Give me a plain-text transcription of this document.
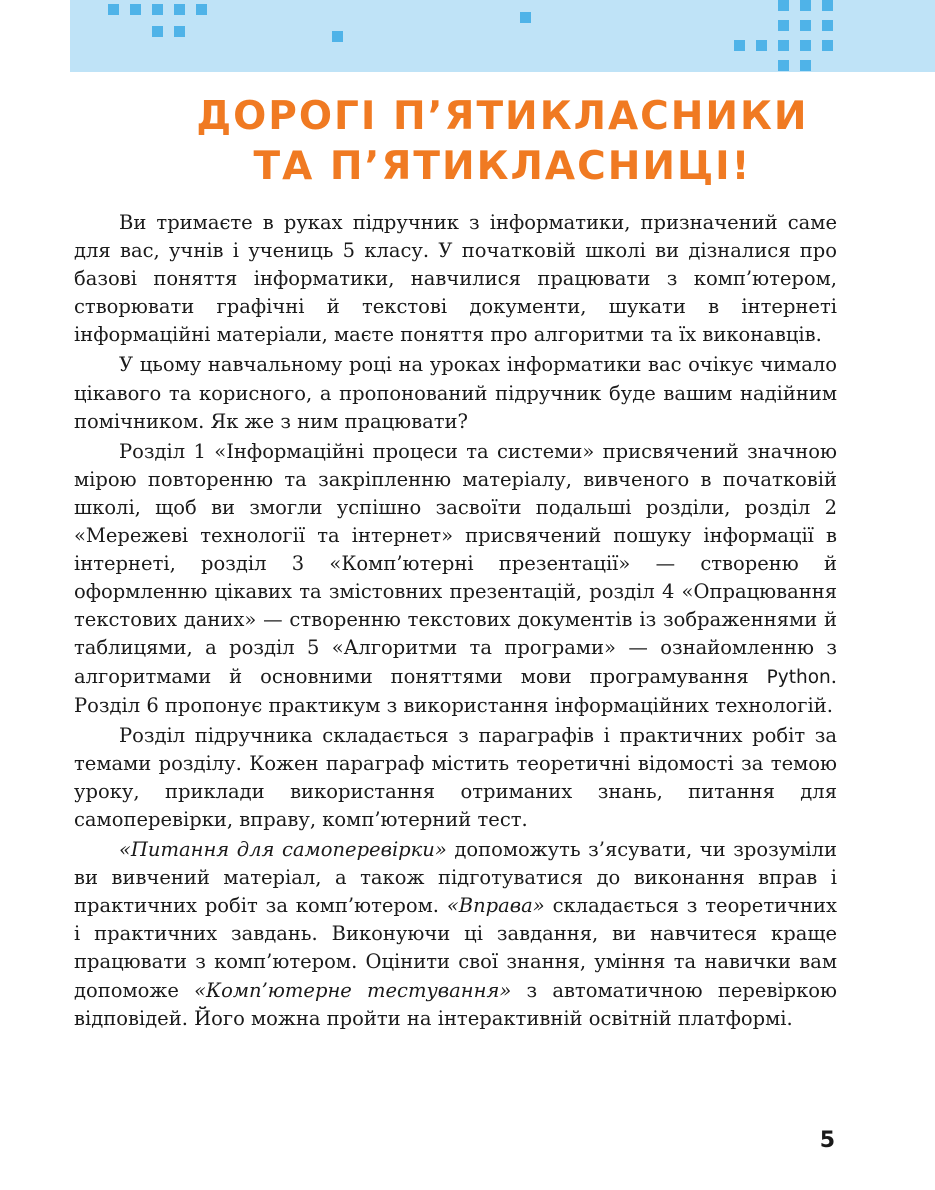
ДОРОГІ П’ЯТИКЛАСНИКИ
ТА П’ЯТИКЛАСНИЦІ!

Ви тримаєте в руках підручник з інформатики, призначений саме для вас, учнів і учениць 5 класу. У початковій школі ви дізналися про базові поняття інформатики, навчилися працювати з комп’ютером, створювати графічні й текстові документи, шукати в інтернеті інформаційні матеріали, маєте поняття про алгоритми та їх виконавців.

У цьому навчальному році на уроках інформатики вас очікує чимало цікавого та корисного, а пропонований підручник буде вашим надійним помічником. Як же з ним працювати?

Розділ 1 «Інформаційні процеси та системи» присвячений значною мірою повторенню та закріпленню матеріалу, вивченого в початковій школі, щоб ви змогли успішно засвоїти подальші розділи, розділ 2 «Мережеві технології та інтернет» присвячений пошуку інформації в інтернеті, розділ 3 «Комп’ютерні презентації» — створеню й оформленню цікавих та змістовних презентацій, розділ 4 «Опрацювання текстових даних» — створенню текстових документів із зображеннями й таблицями, а розділ 5 «Алгоритми та програми» — ознайомленню з алгоритмами й основними поняттями мови програмування Python. Розділ 6 пропонує практикум з використання інформаційних технологій.

Розділ підручника складається з параграфів і практичних робіт за темами розділу. Кожен параграф містить теоретичні відомості за темою уроку, приклади використання отриманих знань, питання для самоперевірки, вправу, комп’ютерний тест.

«Питання для самоперевірки» допоможуть з’ясувати, чи зрозуміли ви вивчений матеріал, а також підготуватися до виконання вправ і практичних робіт за комп’ютером. «Вправа» складається з теоретичних і практичних завдань. Виконуючи ці завдання, ви навчитеся краще працювати з комп’ютером. Оцінити свої знання, уміння та навички вам допоможе «Комп’ютерне тестування» з автоматичною перевіркою відповідей. Його можна пройти на інтерактивній освітній платформі.

5
